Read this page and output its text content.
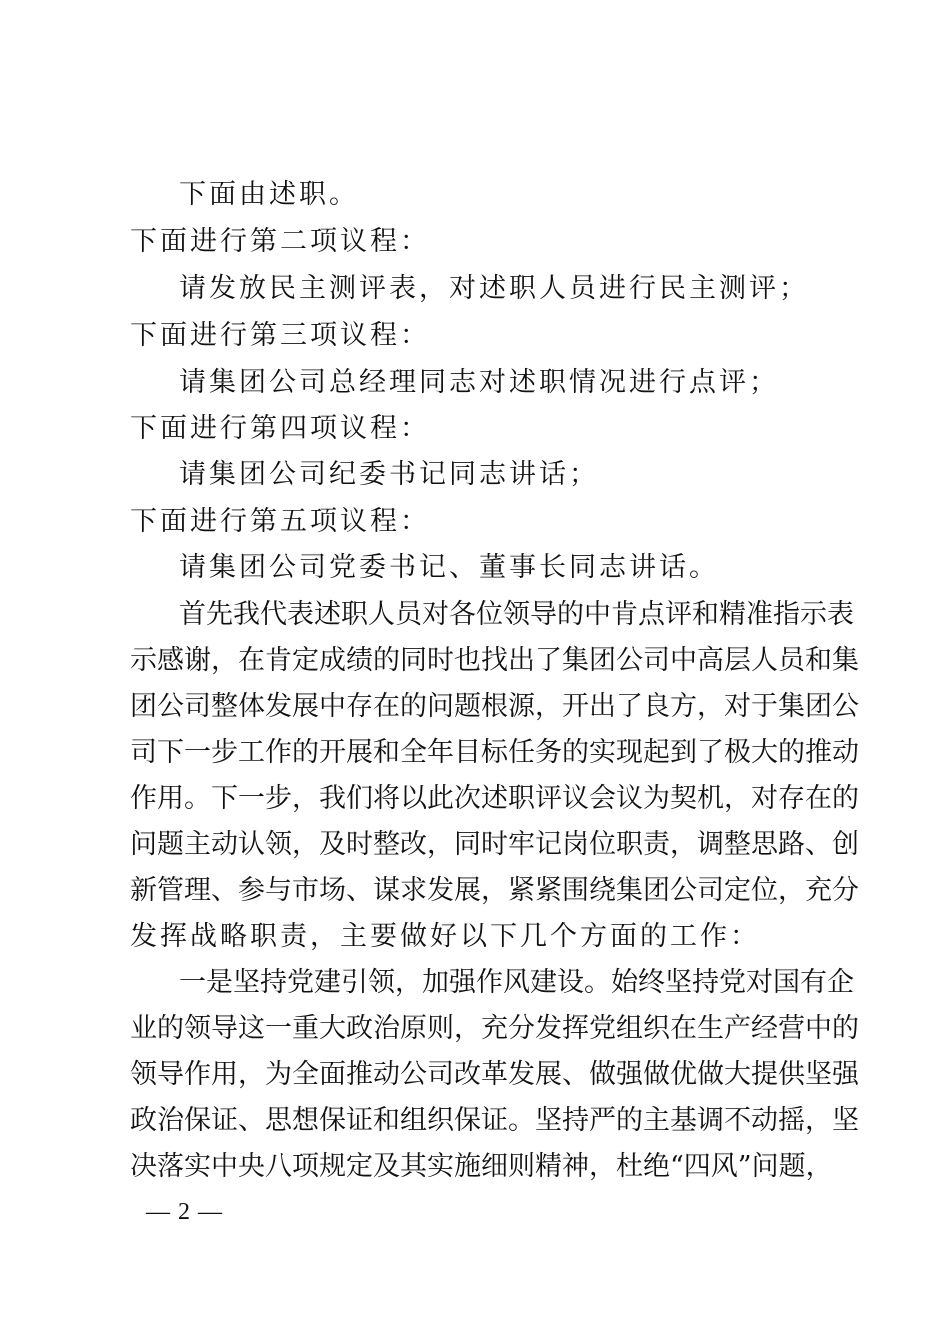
下面由述职。
下面进行第二项议程：
请发放民主测评表，对述职人员进行民主测评；
下面进行第三项议程：
请集团公司总经理同志对述职情况进行点评；
下面进行第四项议程：
请集团公司纪委书记同志讲话；
下面进行第五项议程：
请集团公司党委书记、董事长同志讲话。
首先我代表述职人员对各位领导的中肯点评和精准指示表
示感谢，在肯定成绩的同时也找出了集团公司中高层人员和集
团公司整体发展中存在的问题根源，开出了良方，对于集团公
司下一步工作的开展和全年目标任务的实现起到了极大的推动
作用。下一步，我们将以此次述职评议会议为契机，对存在的
问题主动认领，及时整改，同时牢记岗位职责，调整思路、创
新管理、参与市场、谋求发展，紧紧围绕集团公司定位，充分
发挥战略职责，主要做好以下几个方面的工作：
一是坚持党建引领，加强作风建设。始终坚持党对国有企
业的领导这一重大政治原则，充分发挥党组织在生产经营中的
领导作用，为全面推动公司改革发展、做强做优做大提供坚强
政治保证、思想保证和组织保证。坚持严的主基调不动摇，坚
决落实中央八项规定及其实施细则精神，杜绝“四风”问题，
— 2 —
